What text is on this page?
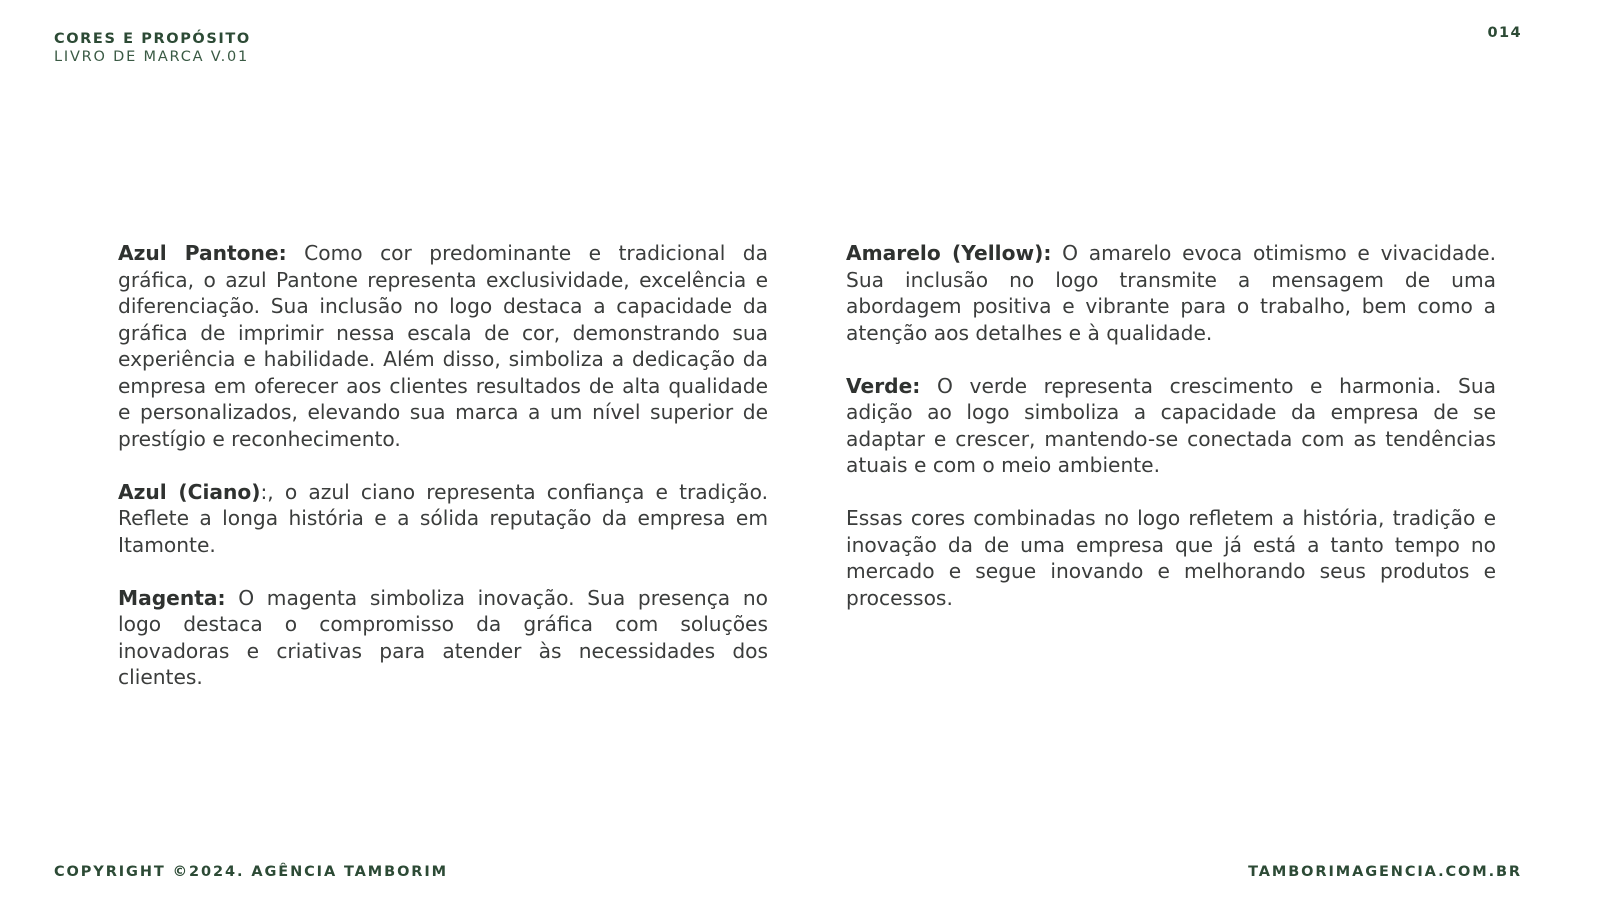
CORES E PROPÓSITO
LIVRO DE MARCA V.01
014

Azul Pantone: Como cor predominante e tradicional da gráfica, o azul Pantone representa exclusividade, excelência e diferenciação. Sua inclusão no logo destaca a capacidade da gráfica de imprimir nessa escala de cor, demonstrando sua experiência e habilidade. Além disso, simboliza a dedicação da empresa em oferecer aos clientes resultados de alta qualidade e personalizados, elevando sua marca a um nível superior de prestígio e reconhecimento.

Azul (Ciano):, o azul ciano representa confiança e tradição. Reflete a longa história e a sólida reputação da empresa em Itamonte.

Magenta: O magenta simboliza inovação. Sua presença no logo destaca o compromisso da gráfica com soluções inovadoras e criativas para atender às necessidades dos clientes.

Amarelo (Yellow): O amarelo evoca otimismo e vivacidade. Sua inclusão no logo transmite a mensagem de uma abordagem positiva e vibrante para o trabalho, bem como a atenção aos detalhes e à qualidade.

Verde: O verde representa crescimento e harmonia. Sua adição ao logo simboliza a capacidade da empresa de se adaptar e crescer, mantendo-se conectada com as tendências atuais e com o meio ambiente.

Essas cores combinadas no logo refletem a história, tradição e inovação da de uma empresa que já está a tanto tempo no mercado e segue inovando e melhorando seus produtos e processos.

COPYRIGHT ©2024. AGÊNCIA TAMBORIM	TAMBORIMAGENCIA.COM.BR
